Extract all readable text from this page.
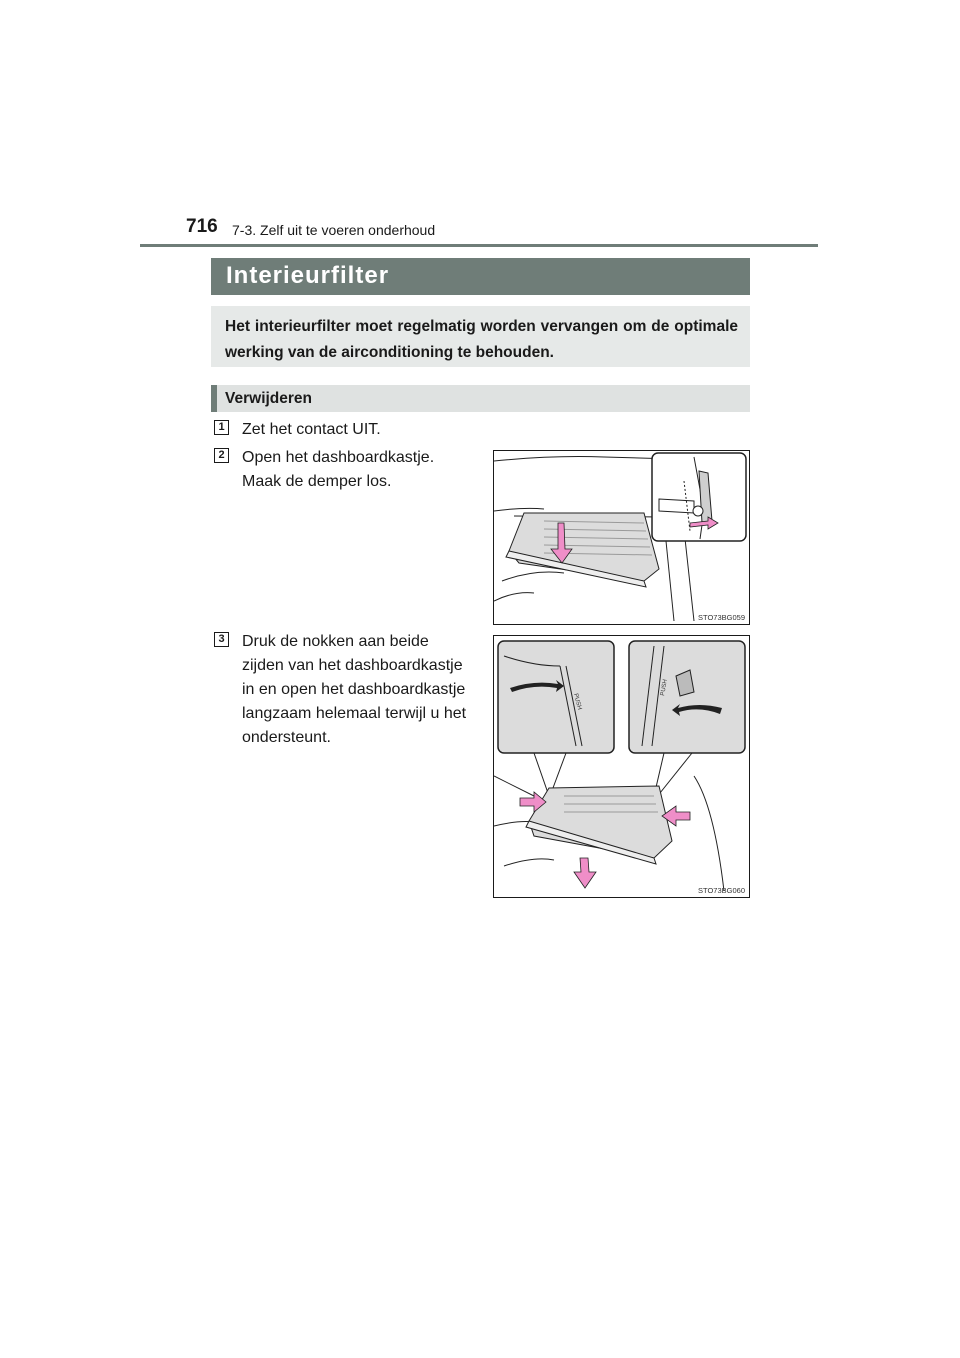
716 7-3. Zelf uit te voeren onderhoud
Interieurfilter
Het interieurfilter moet regelmatig worden vervangen om de optimale werking van de airconditioning te behouden.
Verwijderen
1 Zet het contact UIT.
2 Open het dashboardkastje.
Maak de demper los.
3 Druk de nokken aan beide
zijden van het dashboardkastje
in en open het dashboardkastje
langzaam helemaal terwijl u het
ondersteunt.
STO73BG059
PUSH
PUSH
STO73BG060
